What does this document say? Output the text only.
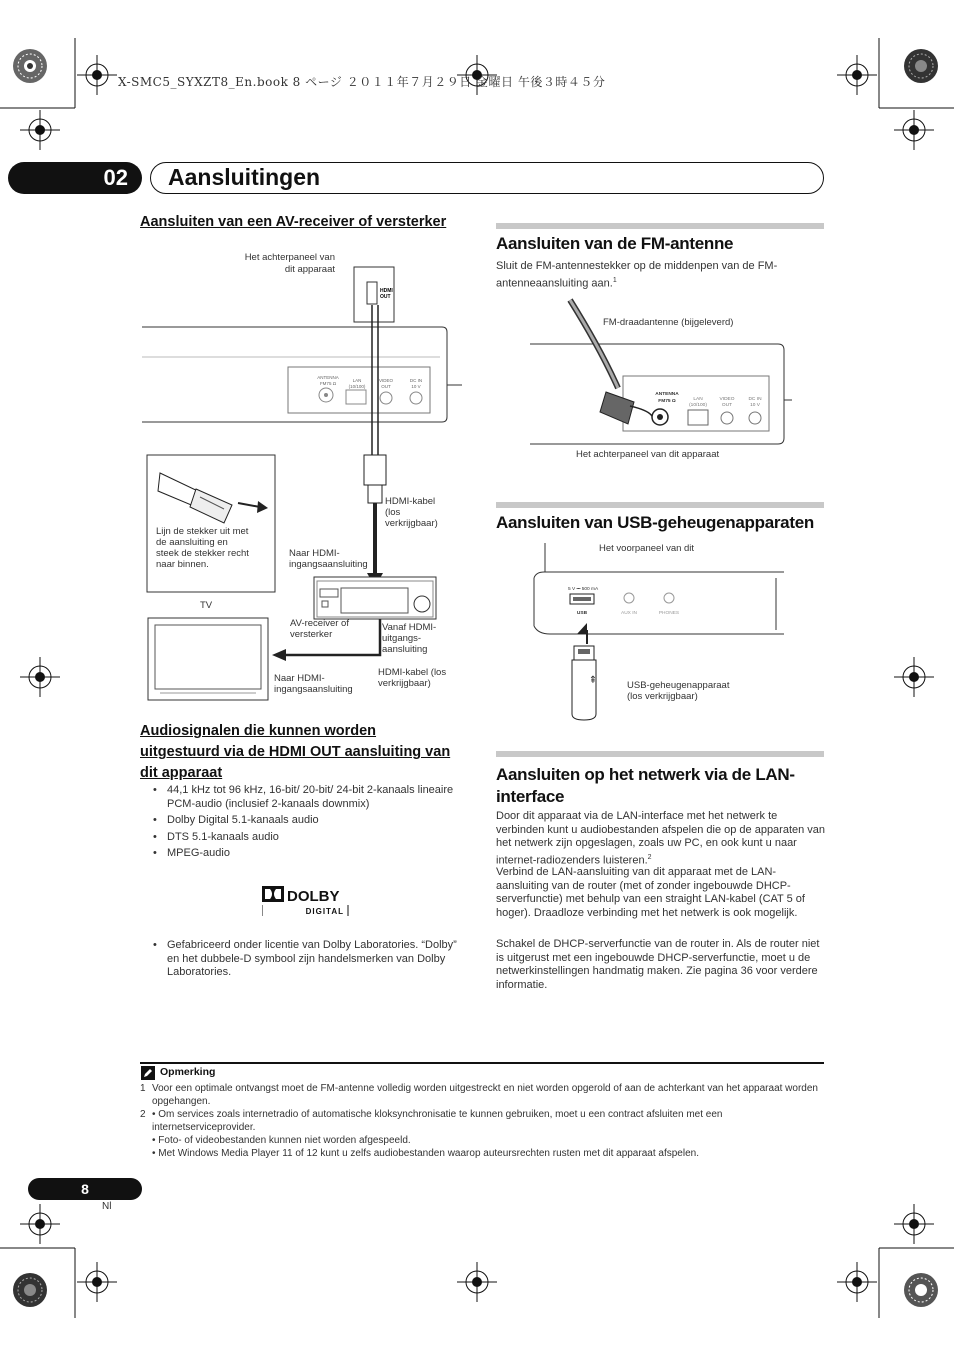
X-SMC5_SYXZT8_En.book 8 ページ ２０１１年７月２９日 金曜日 午後３時４５分
02	Aansluitingen
Aansluiten van een AV-receiver of versterker
Het achterpaneel van
dit apparaat
HDMI
OUT
ANTENNA
FM75 Ω
LAN
(10/100)
VIDEO
OUT
DC IN
10 V
Lijn de stekker uit met
de aansluiting en
steek de stekker recht
naar binnen.
HDMI-kabel
(los
verkrijgbaar)
Naar HDMI-
ingangsaansluiting
TV
AV-receiver of
versterker
Vanaf HDMI-
uitgangs-
aansluiting
Naar HDMI-
ingangsaansluiting
HDMI-kabel (los
verkrijgbaar)
Audiosignalen die kunnen worden
uitgestuurd via de HDMI OUT aansluiting van
dit apparaat
• 44,1 kHz tot 96 kHz, 16-bit/ 20-bit/ 24-bit 2-kanaals lineaire PCM-audio (inclusief 2-kanaals downmix)
• Dolby Digital 5.1-kanaals audio
• DTS 5.1-kanaals audio
• MPEG-audio
DOLBY
DIGITAL
• Gefabriceerd onder licentie van Dolby Laboratories. “Dolby” en het dubbele-D symbool zijn handelsmerken van Dolby Laboratories.
Aansluiten van de FM-antenne
Sluit de FM-antennestekker op de middenpen van de FM-antenneaansluiting aan.$^1$
FM-draadantenne (bijgeleverd)
ANTENNA
FM75 Ω	LAN
(10/100)
VIDEO
OUT
DC IN
10 V
Het achterpaneel van dit apparaat
Aansluiten van USB-geheugenapparaten
Het voorpaneel van dit
5 V ⎓ 500 mA
USB	AUX IN	PHONES
⇞	USB-geheugenapparaat
(los verkrijgbaar)
Aansluiten op het netwerk via de LAN-
interface
Door dit apparaat via de LAN-interface met het netwerk te verbinden kunt u audiobestanden afspelen die op de apparaten van het netwerk zijn opgeslagen, zoals uw PC, en ook kunt u naar internet-radiozenders luisteren.$^2$
Verbind de LAN-aansluiting van dit apparaat met de LAN-aansluiting van de router (met of zonder ingebouwde DHCP-serverfunctie) met behulp van een straight LAN-kabel (CAT 5 of hoger). Draadloze verbinding met het netwerk is ook mogelijk.
Schakel de DHCP-serverfunctie van de router in. Als de router niet is uitgerust met een ingebouwde DHCP-serverfunctie, moet u de netwerkinstellingen handmatig maken. Zie pagina 36 voor verdere informatie.
Opmerking
1 Voor een optimale ontvangst moet de FM-antenne volledig worden uitgestreckt en niet worden opgerold of aan de achterkant van het apparaat worden opgehangen.
2 • Om services zoals internetradio of automatische kloksynchronisatie te kunnen gebruiken, moet u een contract afsluiten met een internetserviceprovider.
• Foto- of videobestanden kunnen niet worden afgespeeld.
• Met Windows Media Player 11 of 12 kunt u zelfs audiobestanden waarop auteursrechten rusten met dit apparaat afspelen.
8
Nl
